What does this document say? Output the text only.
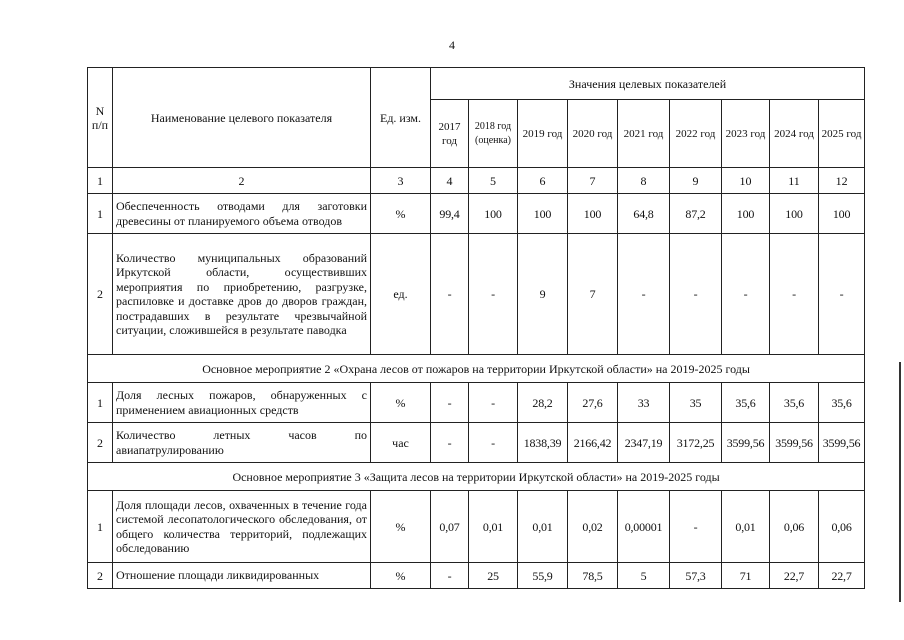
4
N п/п	Наименование целевого показателя	Ед. изм.	Значения целевых показателей								
			2017 год	2018 год (оценка)	2019 год	2020 год	2021 год	2022 год	2023 год	2024 год	2025 год
1	2	3	4	5	6	7	8	9	10	11	12
1	Обеспеченность отводами для заготовки древесины от планируемого объема отводов	%	99,4	100	100	100	64,8	87,2	100	100	100
2	Количество муниципальных образований Иркутской области, осуществивших мероприятия по приобретению, разгрузке, распиловке и доставке дров до дворов граждан, пострадавших в результате чрезвычайной ситуации, сложившейся в результате паводка	ед.	-	-	9	7	-	-	-	-	-
Основное мероприятие 2 «Охрана лесов от пожаров на территории Иркутской области» на 2019-2025 годы											
1	Доля лесных пожаров, обнаруженных с применением авиационных средств	%	-	-	28,2	27,6	33	35	35,6	35,6	35,6
2	Количество летных часов по авиапатрулированию	час	-	-	1838,39	2166,42	2347,19	3172,25	3599,56	3599,56	3599,56
Основное мероприятие 3 «Защита лесов на территории Иркутской области» на 2019-2025 годы											
1	Доля площади лесов, охваченных в течение года системой лесопатологического обследования, от общего количества территорий, подлежащих обследованию	%	0,07	0,01	0,01	0,02	0,00001	-	0,01	0,06	0,06
2	Отношение площади ликвидированных	%	-	25	55,9	78,5	5	57,3	71	22,7	22,7
